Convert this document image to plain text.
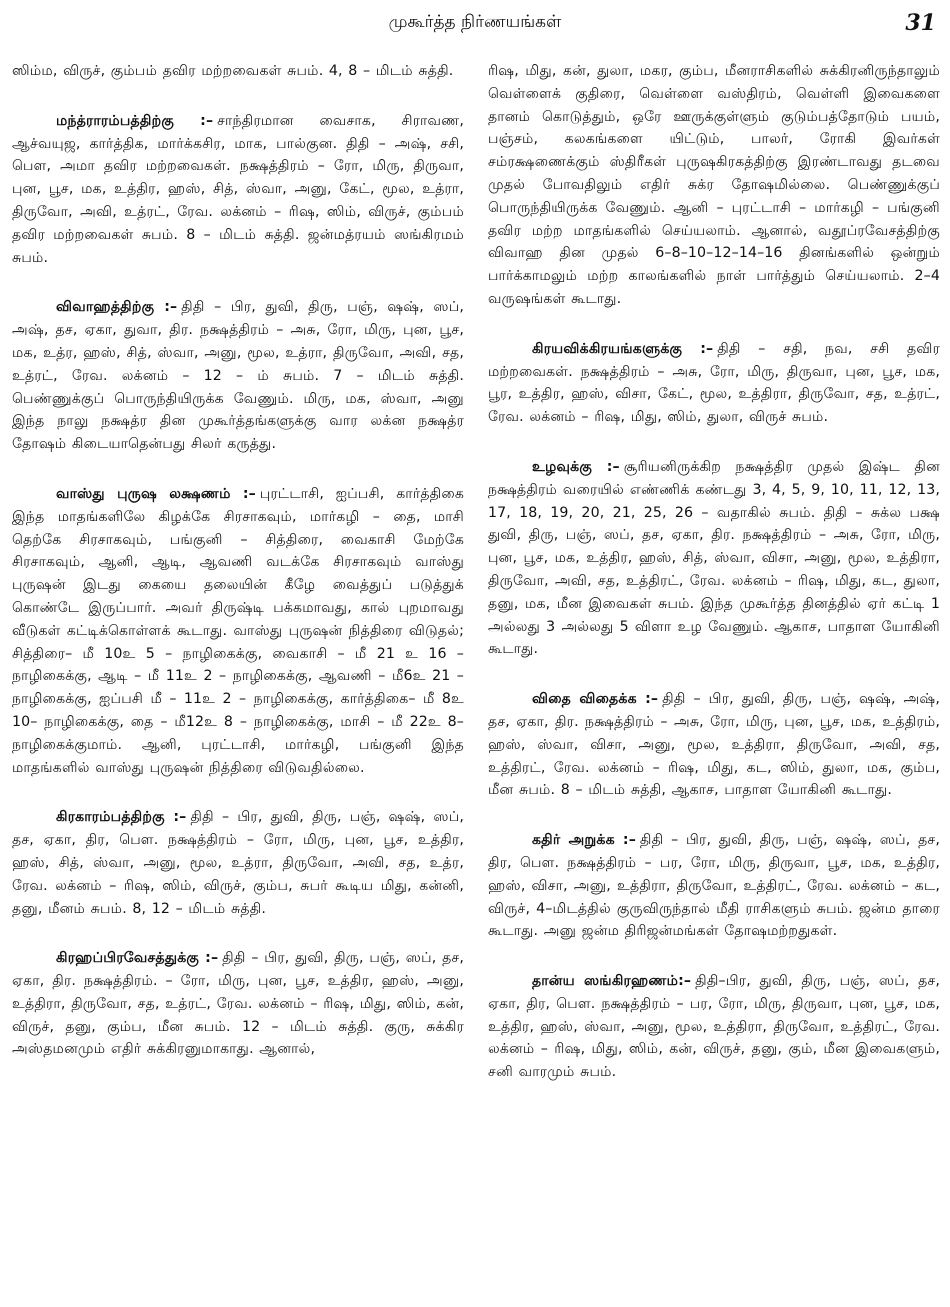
முகூர்த்த நிர்ணயங்கள்	31

ஸிம்ம, விருச், கும்பம் தவிர மற்றவைகள் சுபம். 4, 8 – மிடம் சுத்தி.

மந்த்ராரம்பத்திற்கு :– சாந்திரமான வைசாக, சிராவண, ஆச்வயுஜ, கார்த்திக, மார்க்கசிர, மாக, பால்குன. திதி – அஷ், சசி, பௌ, அமா தவிர மற்றவைகள். நக்ஷத்திரம் – ரோ, மிரு, திருவா, புன, பூச, மக, உத்திர, ஹஸ், சித், ஸ்வா, அனு, கேட், மூல, உத்ரா, திருவோ, அவி, உத்ரட், ரேவ. லக்னம் – ரிஷ, ஸிம், விருச், கும்பம் தவிர மற்றவைகள் சுபம். 8 – மிடம் சுத்தி. ஜன்மத்ரயம் ஸங்கிரமம் சுபம்.

விவாஹத்திற்கு :– திதி – பிர, துவி, திரு, பஞ், ஷஷ், ஸப், அஷ், தச, ஏகா, துவா, திர. நக்ஷத்திரம் – அசு, ரோ, மிரு, புன, பூச, மக, உத்ர, ஹஸ், சித், ஸ்வா, அனு, மூல, உத்ரா, திருவோ, அவி, சத, உத்ரட், ரேவ. லக்னம் – 12 – ம் சுபம். 7 – மிடம் சுத்தி. பெண்ணுக்குப் பொருந்தியிருக்க வேணும். மிரு, மக, ஸ்வா, அனு இந்த நாலு நக்ஷத்ர தின முகூர்த்தங்களுக்கு வார லக்ன நக்ஷத்ர தோஷம் கிடையாதென்பது சிலர் கருத்து.

வாஸ்து புருஷ லக்ஷணம் :– புரட்டாசி, ஐப்பசி, கார்த்திகை இந்த மாதங்களிலே கிழக்கே சிரசாகவும், மார்கழி – தை, மாசி தெற்கே சிரசாகவும், பங்குனி – சித்திரை, வைகாசி மேற்கே சிரசாகவும், ஆனி, ஆடி, ஆவணி வடக்கே சிரசாகவும் வாஸ்து புருஷன் இடது கையை தலையின் கீழே வைத்துப் படுத்துக் கொண்டே இருப்பார். அவர் திருஷ்டி பக்கமாவது, கால் புறமாவது வீடுகள் கட்டிக்கொள்ளக் கூடாது. வாஸ்து புருஷன் நித்திரை விடுதல்; சித்திரை– மீ 10உ 5 – நாழிகைக்கு, வைகாசி – மீ 21 உ 16 – நாழிகைக்கு, ஆடி – மீ 11உ 2 – நாழிகைக்கு, ஆவணி – மீ6உ 21 – நாழிகைக்கு, ஐப்பசி மீ – 11உ 2 – நாழிகைக்கு, கார்த்திகை– மீ 8உ 10– நாழிகைக்கு, தை – மீ12உ 8 – நாழிகைக்கு, மாசி – மீ 22உ 8–நாழிகைக்குமாம். ஆனி, புரட்டாசி, மார்கழி, பங்குனி இந்த மாதங்களில் வாஸ்து புருஷன் நித்திரை விடுவதில்லை.

கிரகாரம்பத்திற்கு :– திதி – பிர, துவி, திரு, பஞ், ஷஷ், ஸப், தச, ஏகா, திர, பௌ. நக்ஷத்திரம் – ரோ, மிரு, புன, பூச, உத்திர, ஹஸ், சித், ஸ்வா, அனு, மூல, உத்ரா, திருவோ, அவி, சத, உத்ர, ரேவ. லக்னம் – ரிஷ, ஸிம், விருச், கும்ப, சுபர் கூடிய மிது, கன்னி, தனு, மீனம் சுபம். 8, 12 – மிடம் சுத்தி.

கிரஹப்பிரவேசத்துக்கு :– திதி – பிர, துவி, திரு, பஞ், ஸப், தச, ஏகா, திர. நக்ஷத்திரம். – ரோ, மிரு, புன, பூச, உத்திர, ஹஸ், அனு, உத்திரா, திருவோ, சத, உத்ரட், ரேவ. லக்னம் – ரிஷ, மிது, ஸிம், கன், விருச், தனு, கும்ப, மீன சுபம். 12 – மிடம் சுத்தி. குரு, சுக்கிர அஸ்தமனமும் எதிர் சுக்கிரனுமாகாது. ஆனால்,

ரிஷ, மிது, கன், துலா, மகர, கும்ப, மீனராசிகளில் சுக்கிரனிருந்தாலும் வெள்ளைக் குதிரை, வெள்ளை வஸ்திரம், வெள்ளி இவைகளை தானம் கொடுத்தும், ஒரே ஊருக்குள்ளும் குடும்பத்தோடும் பயம், பஞ்சம், கலகங்களை யிட்டும், பாலர், ரோகி இவர்கள் சம்ரக்ஷணைக்கும் ஸ்திரீகள் புருஷகிரகத்திற்கு இரண்டாவது தடவை முதல் போவதிலும் எதிர் சுக்ர தோஷமில்லை. பெண்ணுக்குப் பொருந்தியிருக்க வேணும். ஆனி – புரட்டாசி – மார்கழி – பங்குனி தவிர மற்ற மாதங்களில் செய்யலாம். ஆனால், வதூப்ரவேசத்திற்கு விவாஹ தின முதல் 6–8–10–12–14–16 தினங்களில் ஒன்றும் பார்க்காமலும் மற்ற காலங்களில் நாள் பார்த்தும் செய்யலாம். 2–4 வருஷங்கள் கூடாது.

கிரயவிக்கிரயங்களுக்கு :– திதி – சதி, நவ, சசி தவிர மற்றவைகள். நக்ஷத்திரம் – அசு, ரோ, மிரு, திருவா, புன, பூச, மக, பூர, உத்திர, ஹஸ், விசா, கேட், மூல, உத்திரா, திருவோ, சத, உத்ரட், ரேவ. லக்னம் – ரிஷ, மிது, ஸிம், துலா, விருச் சுபம்.

உழவுக்கு :– சூரியனிருக்கிற நக்ஷத்திர முதல் இஷ்ட தின நக்ஷத்திரம் வரையில் எண்ணிக் கண்டது 3, 4, 5, 9, 10, 11, 12, 13, 17, 18, 19, 20, 21, 25, 26 – வதாகில் சுபம். திதி – சுக்ல பக்ஷ துவி, திரு, பஞ், ஸப், தச, ஏகா, திர. நக்ஷத்திரம் – அசு, ரோ, மிரு, புன, பூச, மக, உத்திர, ஹஸ், சித், ஸ்வா, விசா, அனு, மூல, உத்திரா, திருவோ, அவி, சத, உத்திரட், ரேவ. லக்னம் – ரிஷ, மிது, கட, துலா, தனு, மக, மீன இவைகள் சுபம். இந்த முகூர்த்த தினத்தில் ஏர் கட்டி 1 அல்லது 3 அல்லது 5 விளா உழ வேணும். ஆகாச, பாதாள யோகினி கூடாது.

விதை விதைக்க :– திதி – பிர, துவி, திரு, பஞ், ஷஷ், அஷ், தச, ஏகா, திர. நக்ஷத்திரம் – அசு, ரோ, மிரு, புன, பூச, மக, உத்திரம், ஹஸ், ஸ்வா, விசா, அனு, மூல, உத்திரா, திருவோ, அவி, சத, உத்திரட், ரேவ. லக்னம் – ரிஷ, மிது, கட, ஸிம், துலா, மக, கும்ப, மீன சுபம். 8 – மிடம் சுத்தி, ஆகாச, பாதாள யோகினி கூடாது.

கதிர் அறுக்க :– திதி – பிர, துவி, திரு, பஞ், ஷஷ், ஸப், தச, திர, பௌ. நக்ஷத்திரம் – பர, ரோ, மிரு, திருவா, பூச, மக, உத்திர, ஹஸ், விசா, அனு, உத்திரா, திருவோ, உத்திரட், ரேவ. லக்னம் – கட, விருச், 4–மிடத்தில் குருவிருந்தால் மீதி ராசிகளும் சுபம். ஜன்ம தாரை கூடாது. அனு ஜன்ம திரிஜன்மங்கள் தோஷமற்றதுகள்.

தான்ய ஸங்கிரஹணம்:– திதி–பிர, துவி, திரு, பஞ், ஸப், தச, ஏகா, திர, பௌ. நக்ஷத்திரம் – பர, ரோ, மிரு, திருவா, புன, பூச, மக, உத்திர, ஹஸ், ஸ்வா, அனு, மூல, உத்திரா, திருவோ, உத்திரட், ரேவ. லக்னம் – ரிஷ, மிது, ஸிம், கன், விருச், தனு, கும், மீன இவைகளும், சனி வாரமும் சுபம்.
